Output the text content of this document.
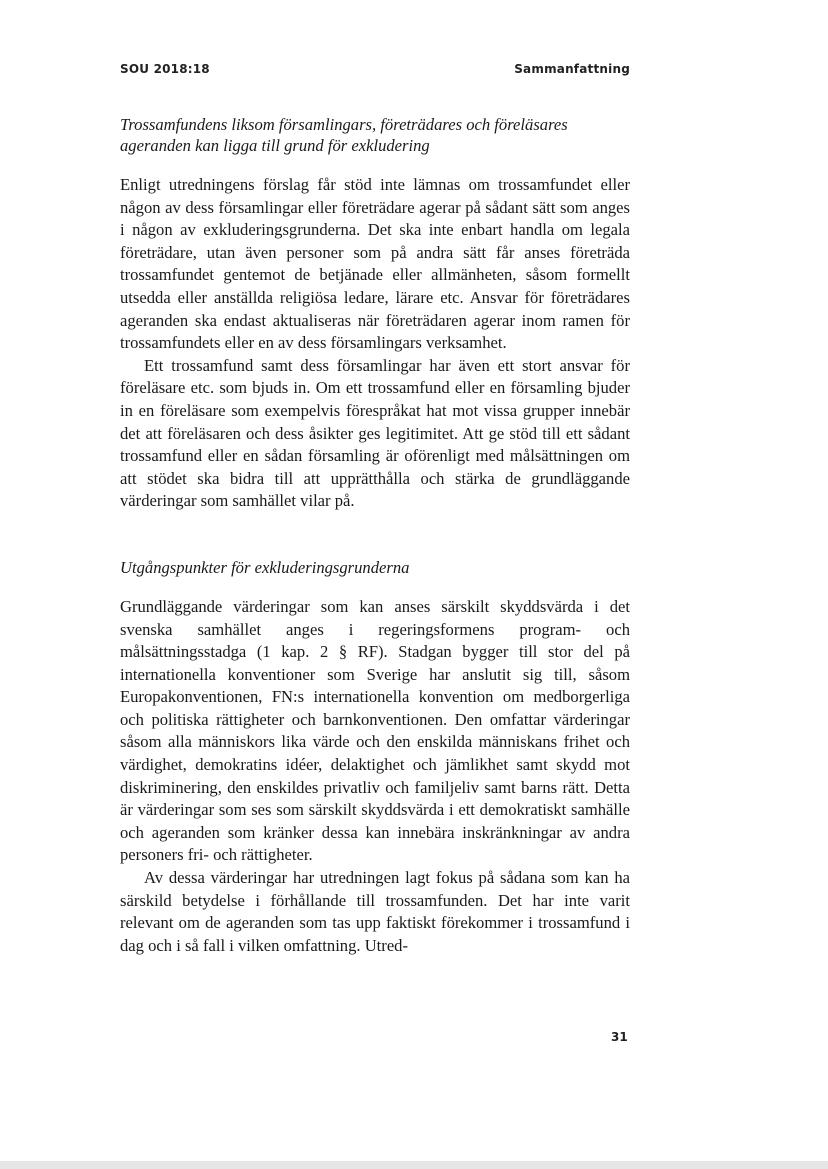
SOU 2018:18	Sammanfattning
Trossamfundens liksom församlingars, företrädares och föreläsares ageranden kan ligga till grund för exkludering

Enligt utredningens förslag får stöd inte lämnas om trossamfundet eller någon av dess församlingar eller företrädare agerar på sådant sätt som anges i någon av exkluderingsgrunderna. Det ska inte enbart handla om legala företrädare, utan även personer som på andra sätt får anses företräda trossamfundet gentemot de betjänade eller allmänheten, såsom formellt utsedda eller anställda religiösa ledare, lärare etc. Ansvar för företrädares ageranden ska endast aktualiseras när företrädaren agerar inom ramen för trossamfundets eller en av dess församlingars verksamhet.

Ett trossamfund samt dess församlingar har även ett stort ansvar för föreläsare etc. som bjuds in. Om ett trossamfund eller en församling bjuder in en föreläsare som exempelvis förespråkat hat mot vissa grupper innebär det att föreläsaren och dess åsikter ges legitimitet. Att ge stöd till ett sådant trossamfund eller en sådan församling är oförenligt med målsättningen om att stödet ska bidra till att upprätthålla och stärka de grundläggande värderingar som samhället vilar på.

Utgångspunkter för exkluderingsgrunderna

Grundläggande värderingar som kan anses särskilt skyddsvärda i det svenska samhället anges i regeringsformens program- och målsättningsstadga (1 kap. 2 § RF). Stadgan bygger till stor del på internationella konventioner som Sverige har anslutit sig till, såsom Europakonventionen, FN:s internationella konvention om medborgerliga och politiska rättigheter och barnkonventionen. Den omfattar värderingar såsom alla människors lika värde och den enskilda människans frihet och värdighet, demokratins idéer, delaktighet och jämlikhet samt skydd mot diskriminering, den enskildes privatliv och familjeliv samt barns rätt. Detta är värderingar som ses som särskilt skyddsvärda i ett demokratiskt samhälle och ageranden som kränker dessa kan innebära inskränkningar av andra personers fri- och rättigheter.

Av dessa värderingar har utredningen lagt fokus på sådana som kan ha särskild betydelse i förhållande till trossamfunden. Det har inte varit relevant om de ageranden som tas upp faktiskt förekommer i trossamfund i dag och i så fall i vilken omfattning. Utred-

31
